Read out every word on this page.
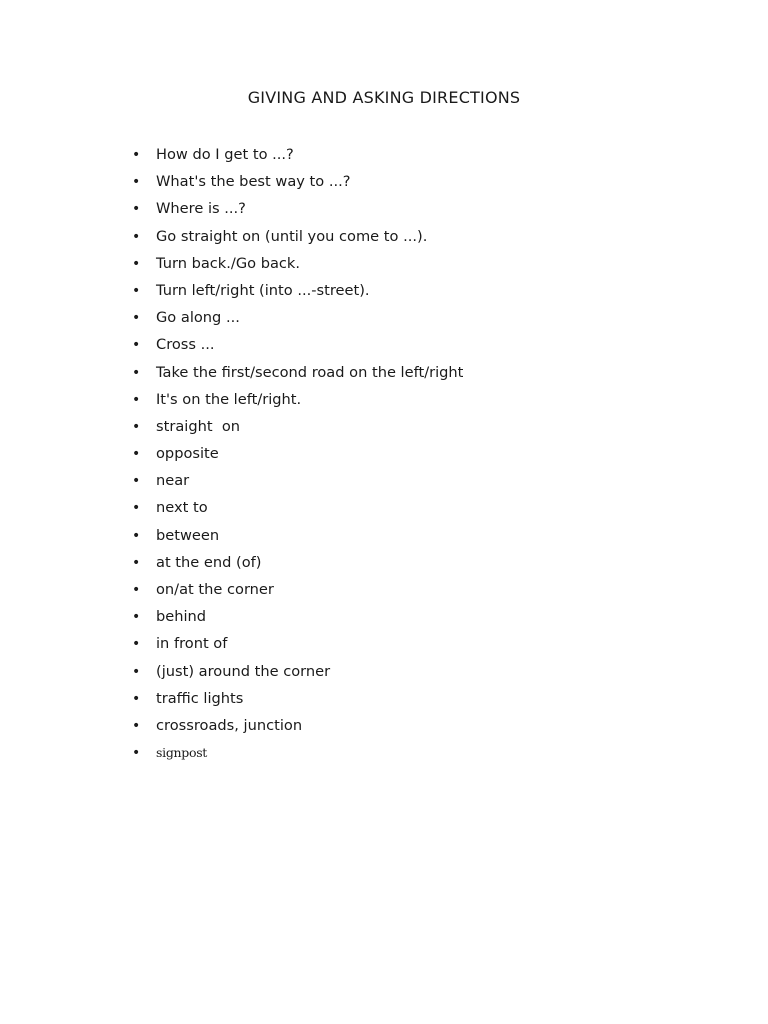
GIVING AND ASKING DIRECTIONS
•	How do I get to ...?
•	What's the best way to ...?
•	Where is ...?
•	Go straight on (until you come to ...).
•	Turn back./Go back.
•	Turn left/right (into ...-street).
•	Go along ...
•	Cross ...
•	Take the first/second road on the left/right
•	It's on the left/right.
•	straight  on
•	opposite
•	near
•	next to
•	between
•	at the end (of)
•	on/at the corner
•	behind
•	in front of
•	(just) around the corner
•	traffic lights
•	crossroads, junction
•	signpost
